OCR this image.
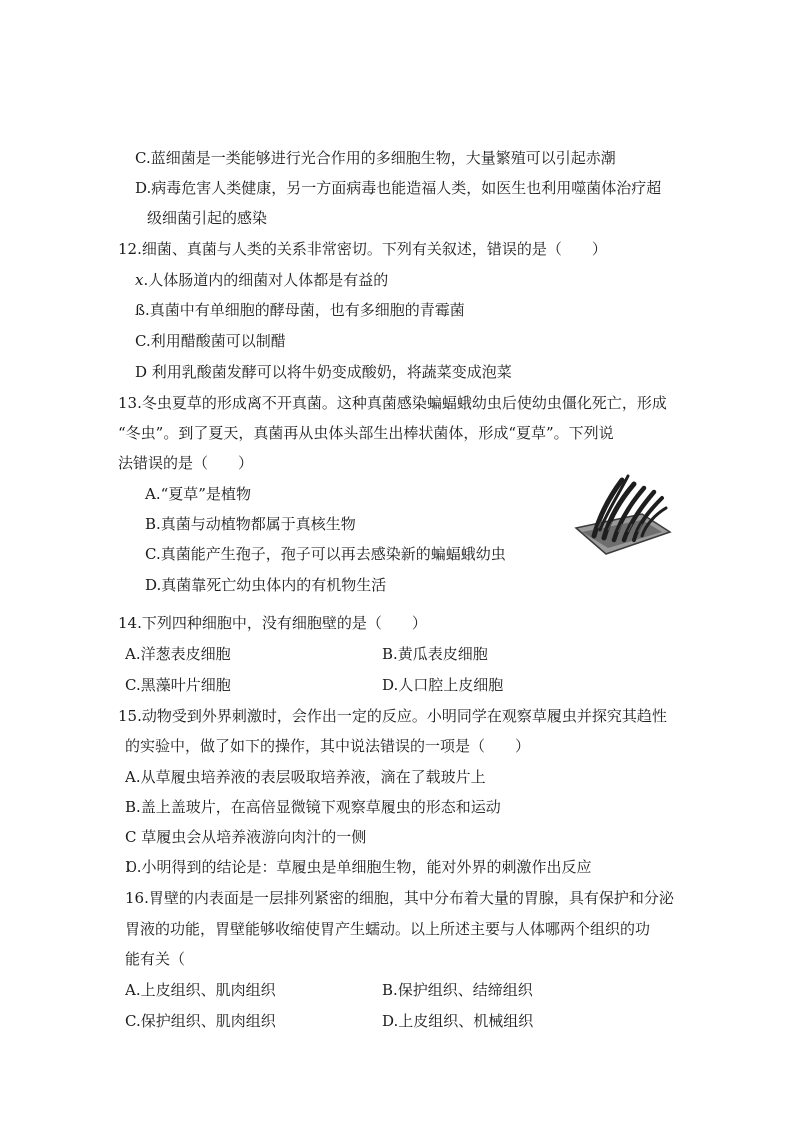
C.蓝细菌是一类能够进行光合作用的多细胞生物，大量繁殖可以引起赤潮
D.病毒危害人类健康，另一方面病毒也能造福人类，如医生也利用噬菌体治疗超
级细菌引起的感染
12.细菌、真菌与人类的关系非常密切。下列有关叙述，错误的是（　　）
𝑥.人体肠道内的细菌对人体都是有益的
ß.真菌中有单细胞的酵母菌，也有多细胞的青霉菌
C.利用醋酸菌可以制醋
D 利用乳酸菌发酵可以将牛奶变成酸奶，将蔬菜变成泡菜
13.冬虫夏草的形成离不开真菌。这种真菌感染蝙蝠蛾幼虫后使幼虫僵化死亡，形成
“冬虫”。到了夏天，真菌再从虫体头部生出棒状菌体，形成“夏草”。下列说
法错误的是（　　）
A.“夏草”是植物
B.真菌与动植物都属于真核生物
C.真菌能产生孢子，孢子可以再去感染新的蝙蝠蛾幼虫
D.真菌靠死亡幼虫体内的有机物生活
14.下列四种细胞中，没有细胞壁的是（　　）
A.洋葱表皮细胞	B.黄瓜表皮细胞
C.黑藻叶片细胞	D.人口腔上皮细胞
15.动物受到外界刺激时，会作出一定的反应。小明同学在观察草履虫并探究其趋性
的实验中，做了如下的操作，其中说法错误的一项是（　　）
A.从草履虫培养液的表层吸取培养液，滴在了载玻片上
B.盖上盖玻片，在高倍显微镜下观察草履虫的形态和运动
C 草履虫会从培养液游向肉汁的一侧
Ɒ.小明得到的结论是：草履虫是单细胞生物，能对外界的刺激作出反应
16.胃壁的内表面是一层排列紧密的细胞，其中分布着大量的胃腺，具有保护和分泌
胃液的功能，胃壁能够收缩使胃产生蠕动。以上所述主要与人体哪两个组织的功
能有关（
A.上皮组织、肌肉组织	B.保护组织、结缔组织
C.保护组织、肌肉组织	D.上皮组织、机械组织
